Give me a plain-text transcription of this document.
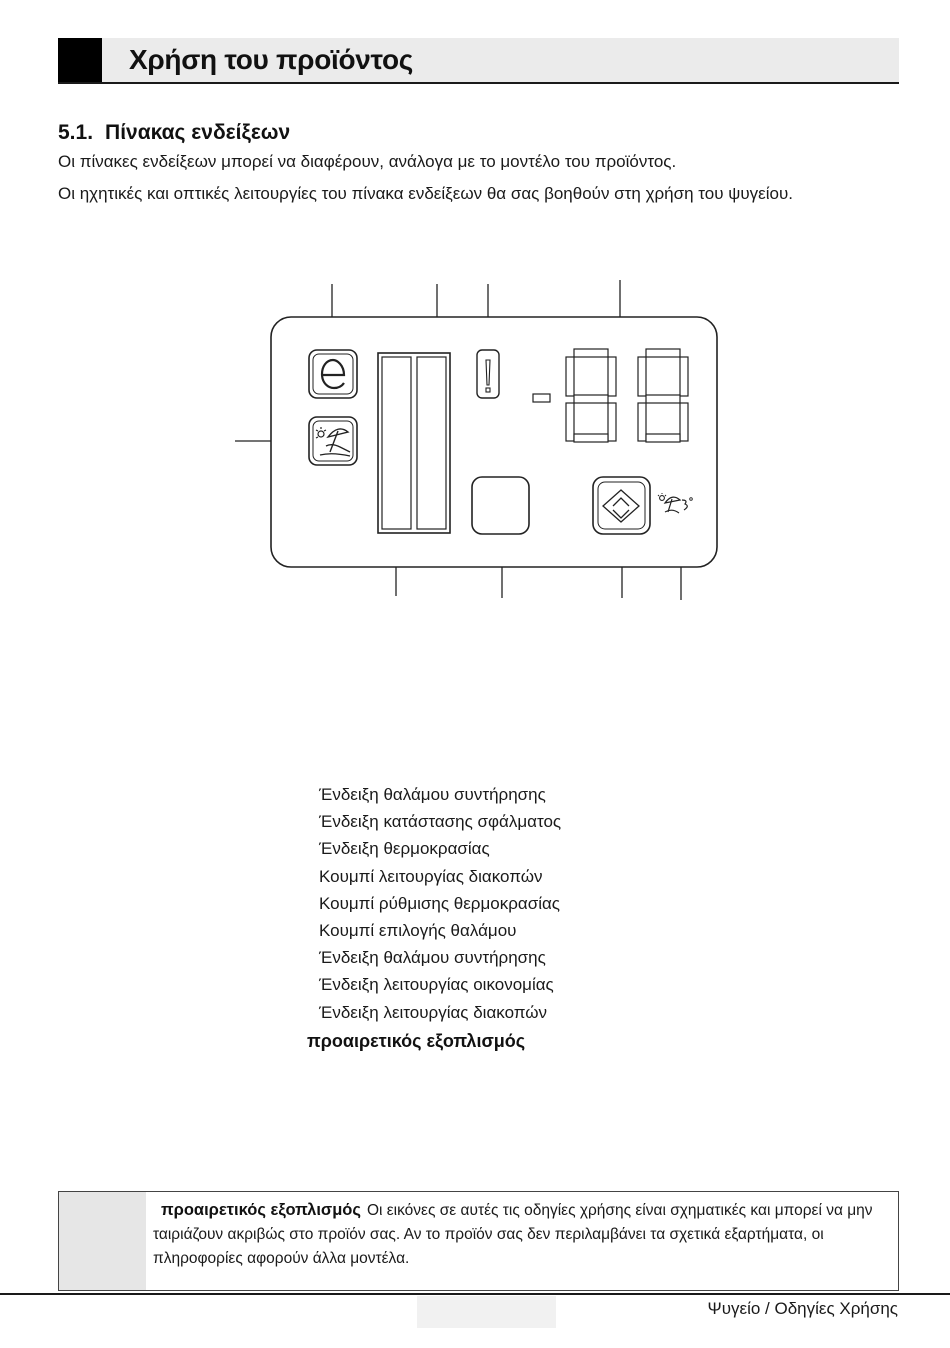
Χρήση του προϊόντος
5.1. Πίνακας ενδείξεων
Οι πίνακες ενδείξεων μπορεί να διαφέρουν, ανάλογα με το μοντέλο του προϊόντος.
Οι ηχητικές και οπτικές λειτουργίες του πίνακα ενδείξεων θα σας βοηθούν στη χρήση του ψυγείου.
Ένδειξη θαλάμου συντήρησης
Ένδειξη κατάστασης σφάλματος
Ένδειξη θερμοκρασίας
Κουμπί λειτουργίας διακοπών
Κουμπί ρύθμισης θερμοκρασίας
Κουμπί επιλογής θαλάμου
Ένδειξη θαλάμου συντήρησης
Ένδειξη λειτουργίας οικονομίας
Ένδειξη λειτουργίας διακοπών
προαιρετικός εξοπλισμός
προαιρετικός εξοπλισμός Οι εικόνες σε αυτές τις οδηγίες χρήσης είναι σχηματικές και μπορεί να μην ταιριάζουν ακριβώς στο προϊόν σας. Αν το προϊόν σας δεν περιλαμβάνει τα σχετικά εξαρτήματα, οι πληροφορίες αφορούν άλλα μοντέλα.
Ψυγείο / Οδηγίες Χρήσης
